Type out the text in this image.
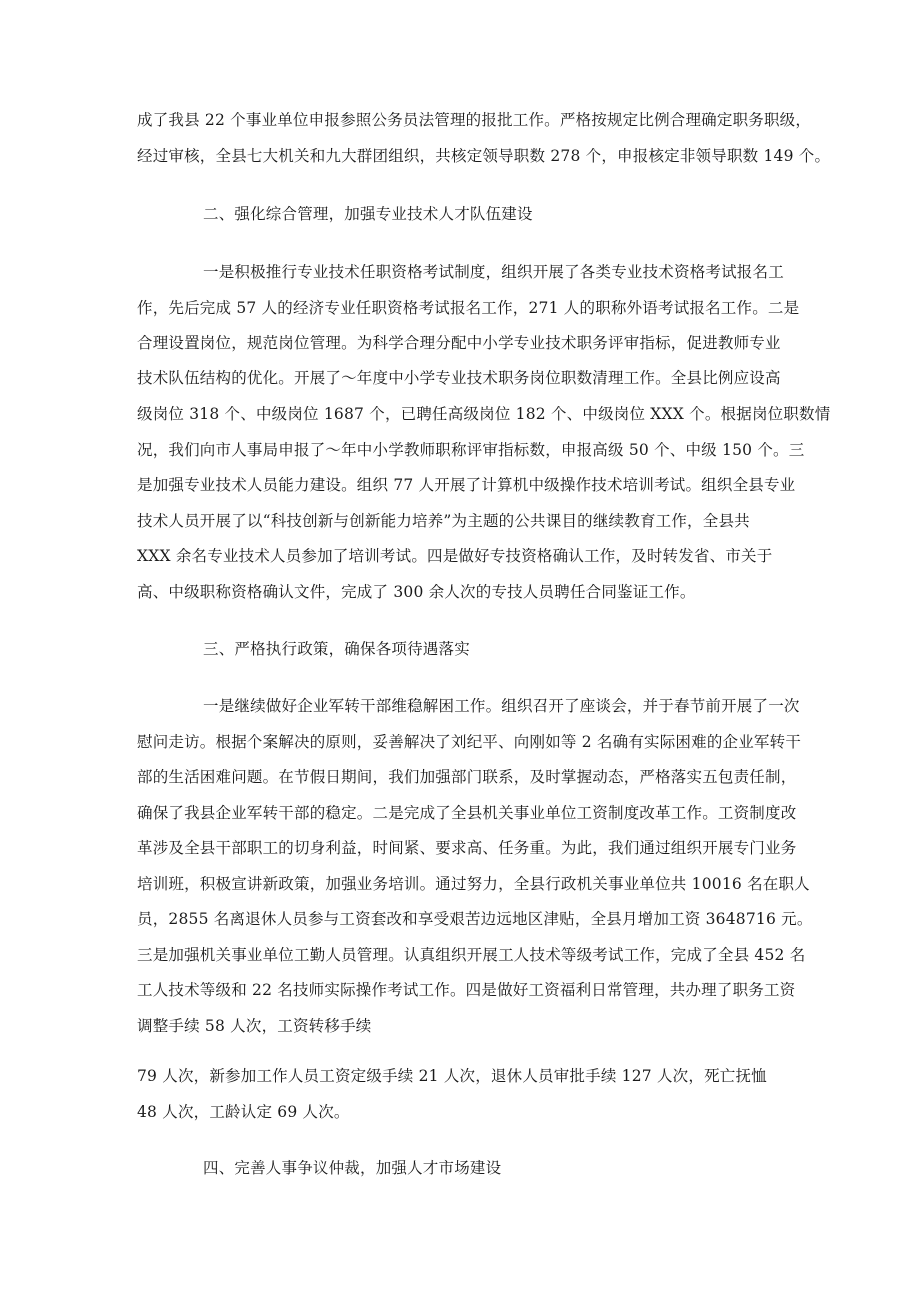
成了我县 22 个事业单位申报参照公务员法管理的报批工作。严格按规定比例合理确定职务职级，
经过审核，全县七大机关和九大群团组织，共核定领导职数 278 个，申报核定非领导职数 149 个。
二、强化综合管理，加强专业技术人才队伍建设
一是积极推行专业技术任职资格考试制度，组织开展了各类专业技术资格考试报名工
作，先后完成 57 人的经济专业任职资格考试报名工作，271 人的职称外语考试报名工作。二是
合理设置岗位，规范岗位管理。为科学合理分配中小学专业技术职务评审指标，促进教师专业
技术队伍结构的优化。开展了～年度中小学专业技术职务岗位职数清理工作。全县比例应设高
级岗位 318 个、中级岗位 1687 个，已聘任高级岗位 182 个、中级岗位 XXX 个。根据岗位职数情
况，我们向市人事局申报了～年中小学教师职称评审指标数，申报高级 50 个、中级 150 个。三
是加强专业技术人员能力建设。组织 77 人开展了计算机中级操作技术培训考试。组织全县专业
技术人员开展了以“科技创新与创新能力培养”为主题的公共课目的继续教育工作，全县共
XXX 余名专业技术人员参加了培训考试。四是做好专技资格确认工作，及时转发省、市关于
高、中级职称资格确认文件，完成了 300 余人次的专技人员聘任合同鉴证工作。
三、严格执行政策，确保各项待遇落实
一是继续做好企业军转干部维稳解困工作。组织召开了座谈会，并于春节前开展了一次
慰问走访。根据个案解决的原则，妥善解决了刘纪平、向刚如等 2 名确有实际困难的企业军转干
部的生活困难问题。在节假日期间，我们加强部门联系，及时掌握动态，严格落实五包责任制，
确保了我县企业军转干部的稳定。二是完成了全县机关事业单位工资制度改革工作。工资制度改
革涉及全县干部职工的切身利益，时间紧、要求高、任务重。为此，我们通过组织开展专门业务
培训班，积极宣讲新政策，加强业务培训。通过努力，全县行政机关事业单位共 10016 名在职人
员，2855 名离退休人员参与工资套改和享受艰苦边远地区津贴，全县月增加工资 3648716 元。
三是加强机关事业单位工勤人员管理。认真组织开展工人技术等级考试工作，完成了全县 452 名
工人技术等级和 22 名技师实际操作考试工作。四是做好工资福利日常管理，共办理了职务工资
调整手续 58 人次，工资转移手续
79 人次，新参加工作人员工资定级手续 21 人次，退休人员审批手续 127 人次，死亡抚恤
48 人次，工龄认定 69 人次。
四、完善人事争议仲裁，加强人才市场建设
